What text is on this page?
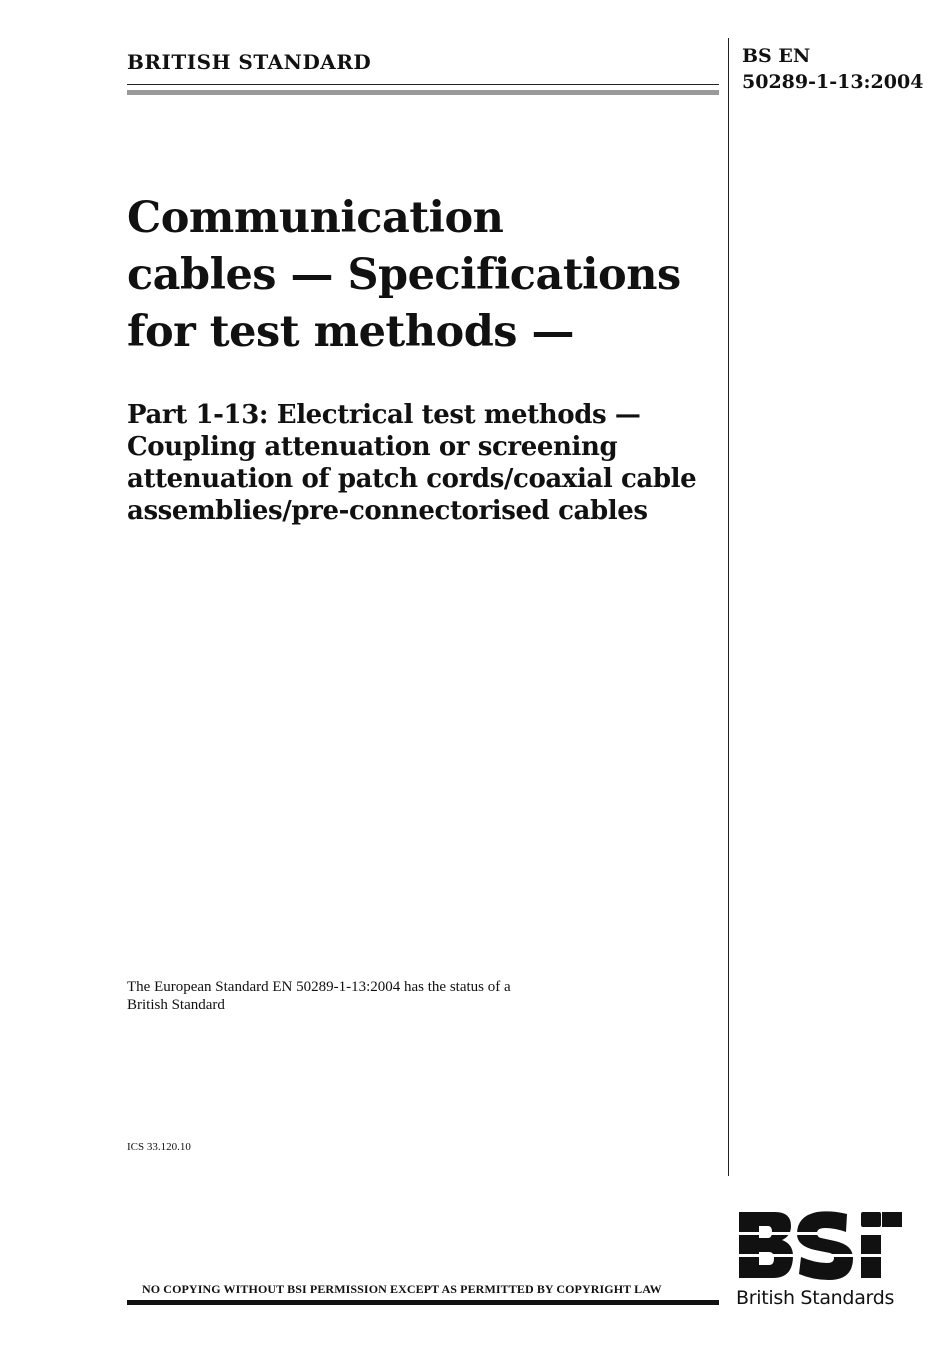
BRITISH STANDARD	BS EN
50289-1-13:2004
Communication
cables — Specifications
for test methods —
Part 1-13: Electrical test methods —
Coupling attenuation or screening
attenuation of patch cords/coaxial cable
assemblies/pre-connectorised cables

The European Standard EN 50289-1-13:2004 has the status of a
British Standard

ICS 33.120.10
NO COPYING WITHOUT BSI PERMISSION EXCEPT AS PERMITTED BY COPYRIGHT LAW	British Standards
